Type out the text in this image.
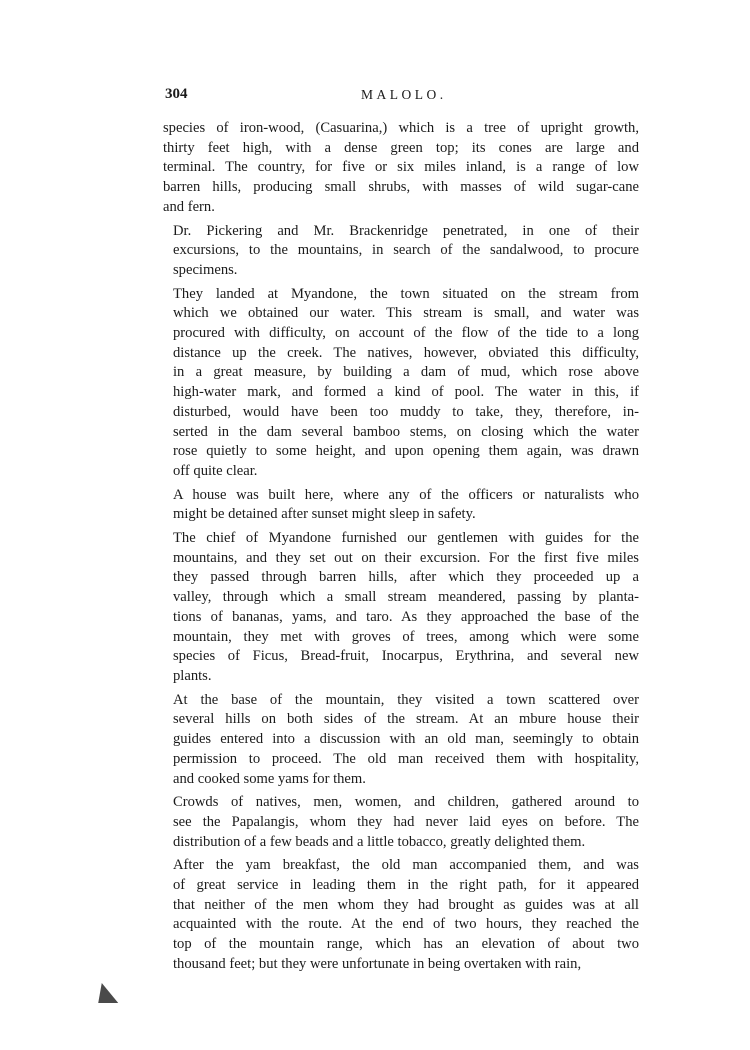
304	MALOLO.
species of iron-wood, (Casuarina,) which is a tree of upright growth,
thirty feet high, with a dense green top; its cones are large and
terminal. The country, for five or six miles inland, is a range of low
barren hills, producing small shrubs, with masses of wild sugar-cane
and fern.
Dr. Pickering and Mr. Brackenridge penetrated, in one of their
excursions, to the mountains, in search of the sandalwood, to procure
specimens.
They landed at Myandone, the town situated on the stream from
which we obtained our water. This stream is small, and water was
procured with difficulty, on account of the flow of the tide to a long
distance up the creek. The natives, however, obviated this difficulty,
in a great measure, by building a dam of mud, which rose above
high-water mark, and formed a kind of pool. The water in this, if
disturbed, would have been too muddy to take, they, therefore, in-
serted in the dam several bamboo stems, on closing which the water
rose quietly to some height, and upon opening them again, was drawn
off quite clear.
A house was built here, where any of the officers or naturalists who
might be detained after sunset might sleep in safety.
The chief of Myandone furnished our gentlemen with guides for the
mountains, and they set out on their excursion. For the first five miles
they passed through barren hills, after which they proceeded up a
valley, through which a small stream meandered, passing by planta-
tions of bananas, yams, and taro. As they approached the base of the
mountain, they met with groves of trees, among which were some
species of Ficus, Bread-fruit, Inocarpus, Erythrina, and several new
plants.
At the base of the mountain, they visited a town scattered over
several hills on both sides of the stream. At an mbure house their
guides entered into a discussion with an old man, seemingly to obtain
permission to proceed. The old man received them with hospitality,
and cooked some yams for them.
Crowds of natives, men, women, and children, gathered around to
see the Papalangis, whom they had never laid eyes on before. The
distribution of a few beads and a little tobacco, greatly delighted them.
After the yam breakfast, the old man accompanied them, and was
of great service in leading them in the right path, for it appeared
that neither of the men whom they had brought as guides was at all
acquainted with the route. At the end of two hours, they reached the
top of the mountain range, which has an elevation of about two
thousand feet; but they were unfortunate in being overtaken with rain,
